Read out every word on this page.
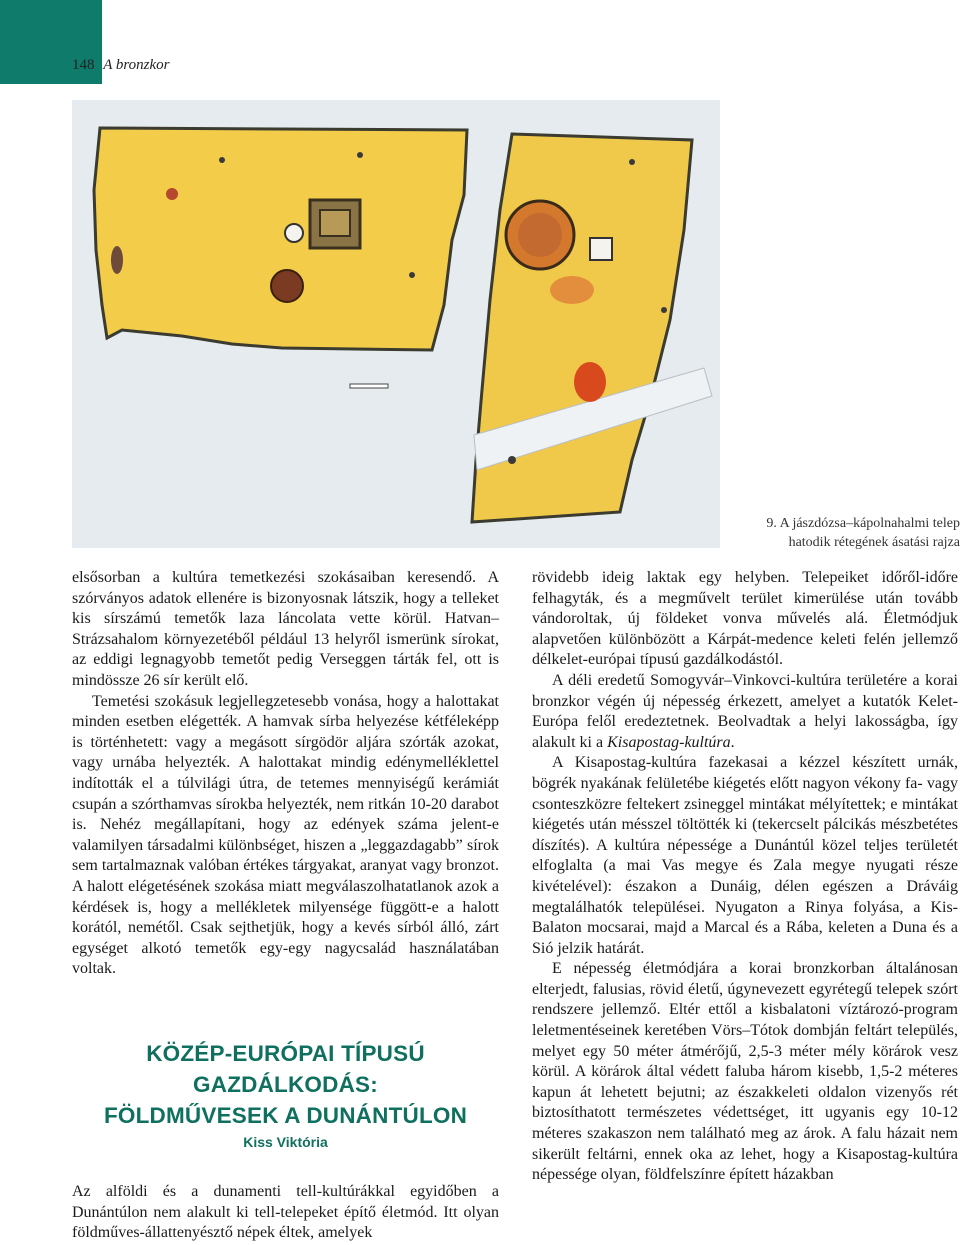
148 A bronzkor
9. A jászdózsa–kápolnahalmi telep
hatodik rétegének ásatási rajza

elsősorban a kultúra temetkezési szokásaiban keresendő. A szórványos adatok ellenére is bizonyosnak látszik, hogy a telleket kis sírszámú temetők laza láncolata vette körül. Hatvan–Strázsahalom környezetéből például 13 helyről ismerünk sírokat, az eddigi legnagyobb temetőt pedig Verseggen tárták fel, ott is mindössze 26 sír került elő.

Temetési szokásuk legjellegzetesebb vonása, hogy a halottakat minden esetben elégették. A hamvak sírba helyezése kétféleképp is történhetett: vagy a megásott sírgödör aljára szórták azokat, vagy urnába helyezték. A halottakat mindig edénymelléklettel indították el a túlvilági útra, de tetemes mennyiségű kerámiát csupán a szórthamvas sírokba helyezték, nem ritkán 10-20 darabot is. Nehéz megállapítani, hogy az edények száma jelent-e valamilyen társadalmi különbséget, hiszen a „leggazdagabb” sírok sem tartalmaznak valóban értékes tárgyakat, aranyat vagy bronzot. A halott elégetésének szokása miatt megválaszolhatatlanok azok a kérdések is, hogy a mellékletek milyensége függött-e a halott korától, nemétől. Csak sejthetjük, hogy a kevés sírból álló, zárt egységet alkotó temetők egy-egy nagycsalád használatában voltak.

KÖZÉP-EURÓPAI TÍPUSÚ
GAZDÁLKODÁS:
FÖLDMŰVESEK A DUNÁNTÚLON
Kiss Viktória

Az alföldi és a dunamenti tell-kultúrákkal egyidőben a Dunántúlon nem alakult ki tell-telepeket építő életmód. Itt olyan földműves-állattenyésztő népek éltek, amelyek

rövidebb ideig laktak egy helyben. Telepeiket időről-időre felhagyták, és a megművelt terület kimerülése után tovább vándoroltak, új földeket vonva művelés alá. Életmódjuk alapvetően különbözött a Kárpát-medence keleti felén jellemző délkelet-európai típusú gazdálkodástól.

A déli eredetű Somogyvár–Vinkovci-kultúra területére a korai bronzkor végén új népesség érkezett, amelyet a kutatók Kelet-Európa felől eredeztetnek. Beolvadtak a helyi lakosságba, így alakult ki a Kisapostag-kultúra.

A Kisapostag-kultúra fazekasai a kézzel készített urnák, bögrék nyakának felületébe kiégetés előtt nagyon vékony fa- vagy csonteszközre feltekert zsineggel mintákat mélyítettek; e mintákat kiégetés után mésszel töltötték ki (tekercselt pálcikás mészbetétes díszítés). A kultúra népessége a Dunántúl közel teljes területét elfoglalta (a mai Vas megye és Zala megye nyugati része kivételével): északon a Dunáig, délen egészen a Dráváig megtalálhatók települései. Nyugaton a Rinya folyása, a Kis-Balaton mocsarai, majd a Marcal és a Rába, keleten a Duna és a Sió jelzik határát.

E népesség életmódjára a korai bronzkorban általánosan elterjedt, falusias, rövid életű, úgynevezett egyrétegű telepek szórt rendszere jellemző. Eltér ettől a kisbalatoni víztározó-program leletmentéseinek keretében Vörs–Tótok dombján feltárt település, melyet egy 50 méter átmérőjű, 2,5-3 méter mély körárok vesz körül. A körárok által védett faluba három kisebb, 1,5-2 méteres kapun át lehetett bejutni; az északkeleti oldalon vizenyős rét biztosíthatott természetes védettséget, itt ugyanis egy 10-12 méteres szakaszon nem található meg az árok. A falu házait nem sikerült feltárni, ennek oka az lehet, hogy a Kisapostag-kultúra népessége olyan, földfelszínre épített házakban
